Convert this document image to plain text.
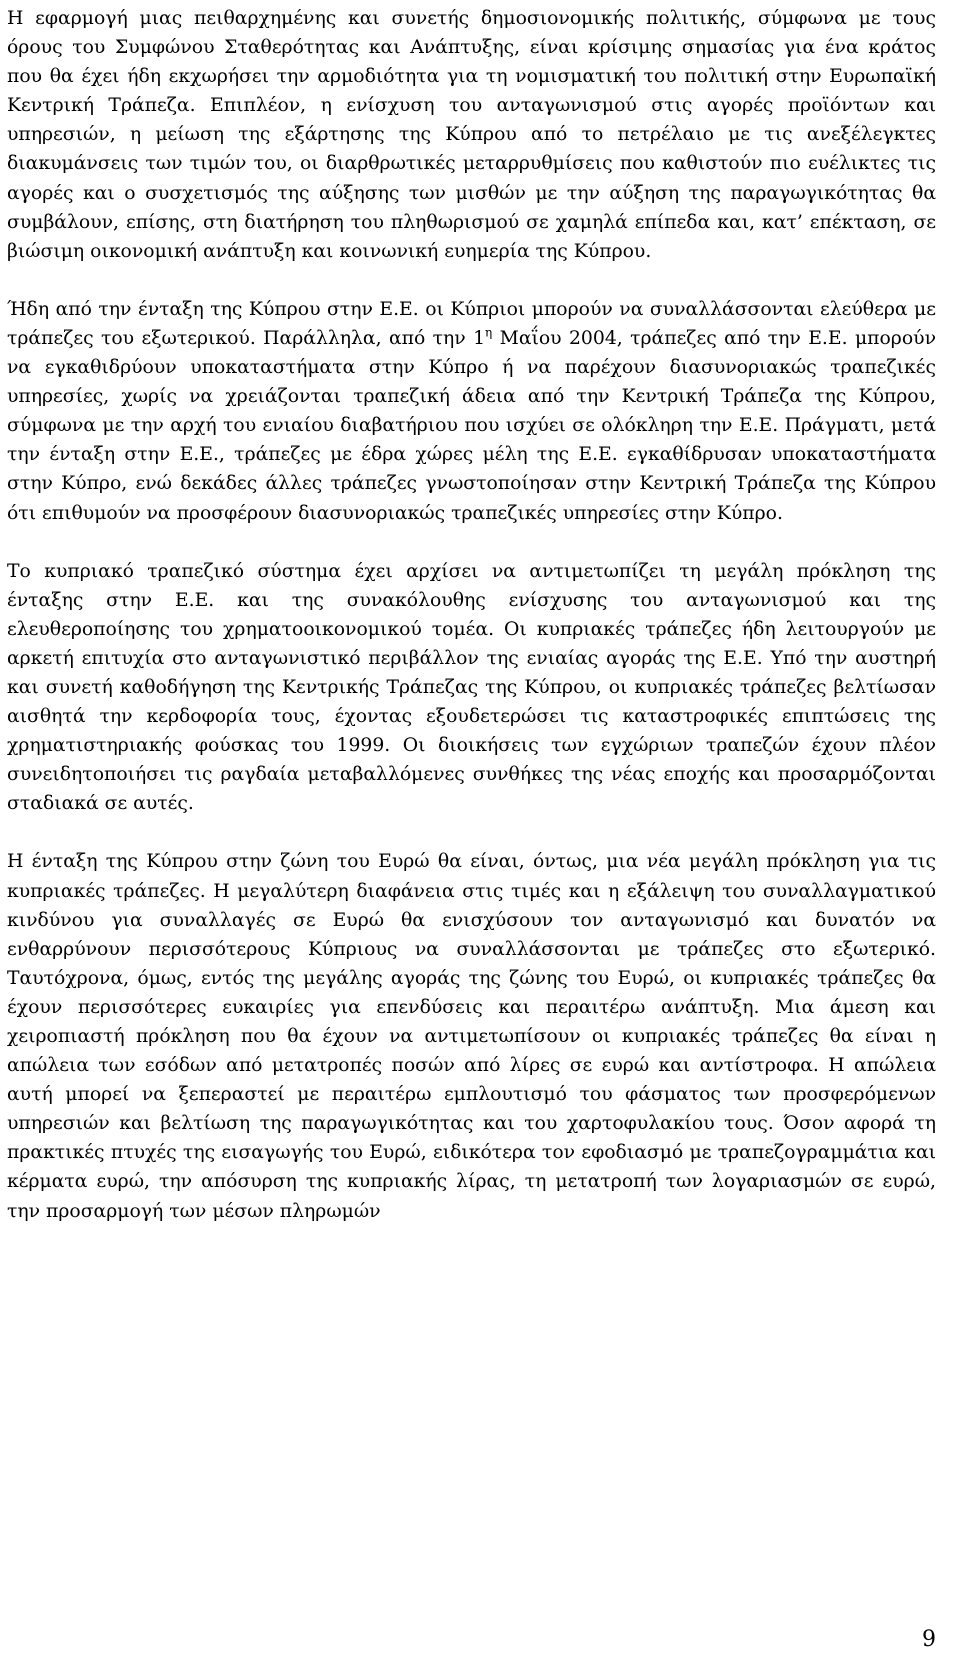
Η εφαρμογή μιας πειθαρχημένης και συνετής δημοσιονομικής πολιτικής, σύμφωνα με τους όρους του Συμφώνου Σταθερότητας και Ανάπτυξης, είναι κρίσιμης σημασίας για ένα κράτος που θα έχει ήδη εκχωρήσει την αρμοδιότητα για τη νομισματική του πολιτική στην Ευρωπαϊκή Κεντρική Τράπεζα. Επιπλέον, η ενίσχυση του ανταγωνισμού στις αγορές προϊόντων και υπηρεσιών, η μείωση της εξάρτησης της Κύπρου από το πετρέλαιο με τις ανεξέλεγκτες διακυμάνσεις των τιμών του, οι διαρθρωτικές μεταρρυθμίσεις που καθιστούν πιο ευέλικτες τις αγορές και ο συσχετισμός της αύξησης των μισθών με την αύξηση της παραγωγικότητας θα συμβάλουν, επίσης, στη διατήρηση του πληθωρισμού σε χαμηλά επίπεδα και, κατ’ επέκταση, σε βιώσιμη οικονομική ανάπτυξη και κοινωνική ευημερία της Κύπρου.

Ήδη από την ένταξη της Κύπρου στην Ε.Ε. οι Κύπριοι μπορούν να συναλλάσσονται ελεύθερα με τράπεζες του εξωτερικού. Παράλληλα, από την $1^\eta$ Μαΐου 2004, τράπεζες από την Ε.Ε. μπορούν να εγκαθιδρύουν υποκαταστήματα στην Κύπρο ή να παρέχουν διασυνοριακώς τραπεζικές υπηρεσίες, χωρίς να χρειάζονται τραπεζική άδεια από την Κεντρική Τράπεζα της Κύπρου, σύμφωνα με την αρχή του ενιαίου διαβατήριου που ισχύει σε ολόκληρη την Ε.Ε. Πράγματι, μετά την ένταξη στην Ε.Ε., τράπεζες με έδρα χώρες μέλη της Ε.Ε. εγκαθίδρυσαν υποκαταστήματα στην Κύπρο, ενώ δεκάδες άλλες τράπεζες γνωστοποίησαν στην Κεντρική Τράπεζα της Κύπρου ότι επιθυμούν να προσφέρουν διασυνοριακώς τραπεζικές υπηρεσίες στην Κύπρο.

Το κυπριακό τραπεζικό σύστημα έχει αρχίσει να αντιμετωπίζει τη μεγάλη πρόκληση της ένταξης στην Ε.Ε. και της συνακόλουθης ενίσχυσης του ανταγωνισμού και της ελευθεροποίησης του χρηματοοικονομικού τομέα. Οι κυπριακές τράπεζες ήδη λειτουργούν με αρκετή επιτυχία στο ανταγωνιστικό περιβάλλον της ενιαίας αγοράς της Ε.Ε. Υπό την αυστηρή και συνετή καθοδήγηση της Κεντρικής Τράπεζας της Κύπρου, οι κυπριακές τράπεζες βελτίωσαν αισθητά την κερδοφορία τους, έχοντας εξουδετερώσει τις καταστροφικές επιπτώσεις της χρηματιστηριακής φούσκας του 1999. Οι διοικήσεις των εγχώριων τραπεζών έχουν πλέον συνειδητοποιήσει τις ραγδαία μεταβαλλόμενες συνθήκες της νέας εποχής και προσαρμόζονται σταδιακά σε αυτές.

Η ένταξη της Κύπρου στην ζώνη του Ευρώ θα είναι, όντως, μια νέα μεγάλη πρόκληση για τις κυπριακές τράπεζες. Η μεγαλύτερη διαφάνεια στις τιμές και η εξάλειψη του συναλλαγματικού κινδύνου για συναλλαγές σε Ευρώ θα ενισχύσουν τον ανταγωνισμό και δυνατόν να ενθαρρύνουν περισσότερους Κύπριους να συναλλάσσονται με τράπεζες στο εξωτερικό. Ταυτόχρονα, όμως, εντός της μεγάλης αγοράς της ζώνης του Ευρώ, οι κυπριακές τράπεζες θα έχουν περισσότερες ευκαιρίες για επενδύσεις και περαιτέρω ανάπτυξη. Μια άμεση και χειροπιαστή πρόκληση που θα έχουν να αντιμετωπίσουν οι κυπριακές τράπεζες θα είναι η απώλεια των εσόδων από μετατροπές ποσών από λίρες σε ευρώ και αντίστροφα. Η απώλεια αυτή μπορεί να ξεπεραστεί με περαιτέρω εμπλουτισμό του φάσματος των προσφερόμενων υπηρεσιών και βελτίωση της παραγωγικότητας και του χαρτοφυλακίου τους. Όσον αφορά τη πρακτικές πτυχές της εισαγωγής του Ευρώ, ειδικότερα τον εφοδιασμό με τραπεζογραμμάτια και κέρματα ευρώ, την απόσυρση της κυπριακής λίρας, τη μετατροπή των λογαριασμών σε ευρώ, την προσαρμογή των μέσων πληρωμών

9
